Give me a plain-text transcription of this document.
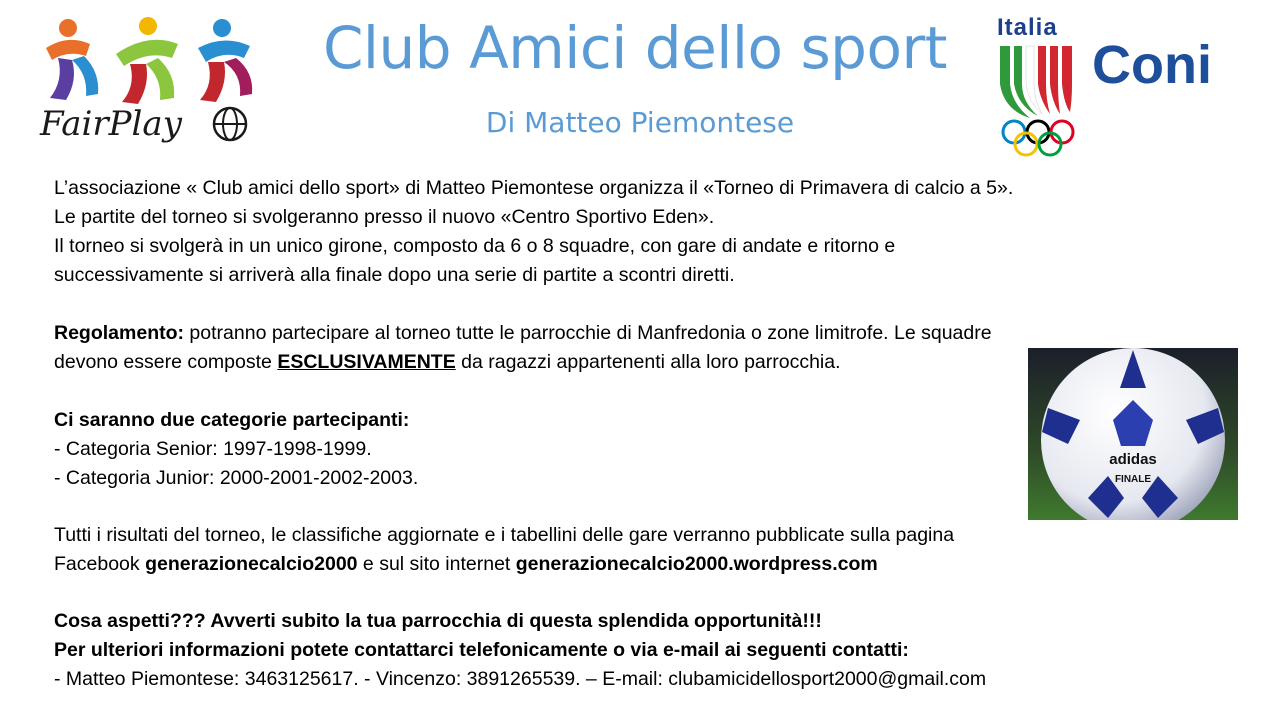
FairPlay
Club Amici dello sport
Di Matteo Piemontese
Italia
Coni
L’associazione « Club amici dello sport» di Matteo Piemontese organizza il «Torneo di Primavera di calcio a 5».
Le partite del torneo si svolgeranno presso il nuovo «Centro Sportivo Eden».
Il torneo si svolgerà in un unico girone, composto da 6 o 8 squadre, con gare di andate e ritorno e
successivamente si arriverà alla finale dopo una serie di partite a scontri diretti.
Regolamento: potranno partecipare al torneo tutte le parrocchie di Manfredonia o zone limitrofe. Le squadre
devono essere composte ESCLUSIVAMENTE da ragazzi appartenenti alla loro parrocchia.
Ci saranno due categorie partecipanti:
- Categoria Senior: 1997-1998-1999.
- Categoria Junior: 2000-2001-2002-2003.
Tutti i risultati del torneo, le classifiche aggiornate e i tabellini delle gare verranno pubblicate sulla pagina
Facebook generazionecalcio2000 e sul sito internet generazionecalcio2000.wordpress.com
Cosa aspetti??? Avverti subito la tua parrocchia di questa splendida opportunità!!!
Per ulteriori informazioni potete contattarci telefonicamente o via e-mail ai seguenti contatti:
- Matteo Piemontese: 3463125617. - Vincenzo: 3891265539. – E-mail: clubamicidellosport2000@gmail.com
adidas
FINALE
